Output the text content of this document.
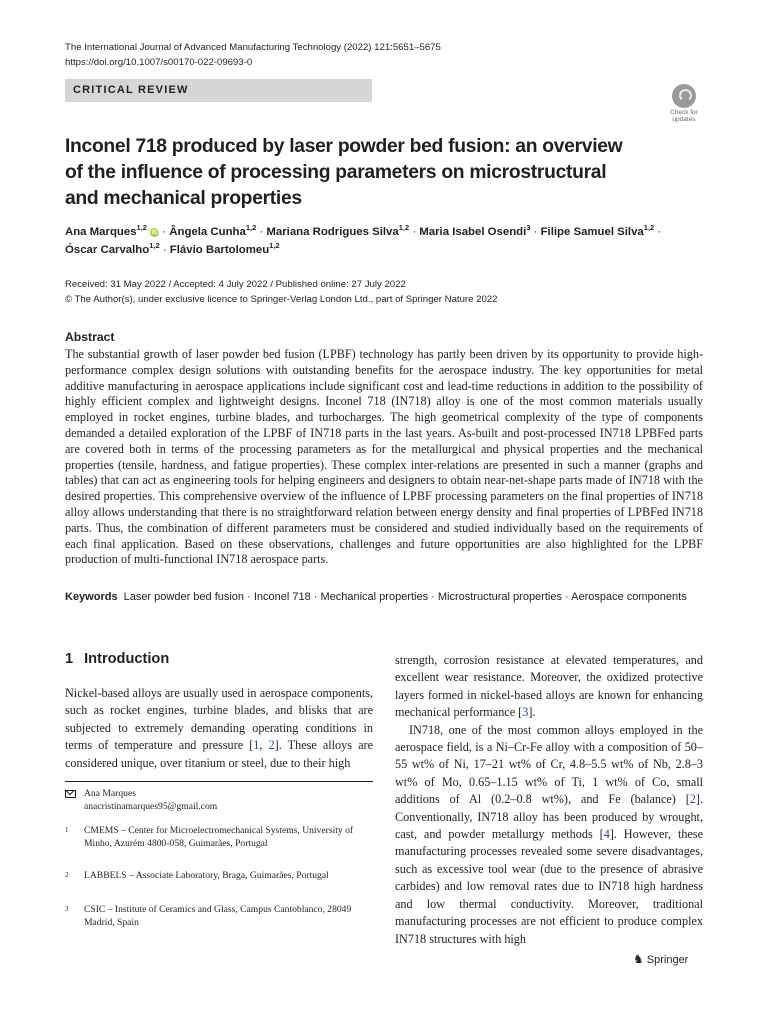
The International Journal of Advanced Manufacturing Technology (2022) 121:5651–5675
https://doi.org/10.1007/s00170-022-09693-0
CRITICAL REVIEW
Check for
updates
Inconel 718 produced by laser powder bed fusion: an overview of the influence of processing parameters on microstructural and mechanical properties
Ana Marques$^{1,2}$ iD · Ângela Cunha$^{1,2}$ · Mariana Rodrigues Silva$^{1,2}$ · Maria Isabel Osendi$^3$ · Filipe Samuel Silva$^{1,2}$ ·
Óscar Carvalho$^{1,2}$ · Flávio Bartolomeu$^{1,2}$
Received: 31 May 2022 / Accepted: 4 July 2022 / Published online: 27 July 2022
© The Author(s), under exclusive licence to Springer-Verlag London Ltd., part of Springer Nature 2022
Abstract
The substantial growth of laser powder bed fusion (LPBF) technology has partly been driven by its opportunity to provide high-performance complex design solutions with outstanding benefits for the aerospace industry. The key opportunities for metal additive manufacturing in aerospace applications include significant cost and lead-time reductions in addition to the possibility of highly efficient complex and lightweight designs. Inconel 718 (IN718) alloy is one of the most common materials usually employed in rocket engines, turbine blades, and turbocharges. The high geometrical complexity of the type of components demanded a detailed exploration of the LPBF of IN718 parts in the last years. As-built and post-processed IN718 LPBFed parts are covered both in terms of the processing parameters as for the metallurgical and physical properties and the mechanical properties (tensile, hardness, and fatigue properties). These complex inter-relations are presented in such a manner (graphs and tables) that can act as engineering tools for helping engineers and designers to obtain near-net-shape parts made of IN718 with the desired properties. This comprehensive overview of the influence of LPBF processing parameters on the final properties of IN718 alloy allows understanding that there is no straightforward relation between energy density and final properties of LPBFed IN718 parts. Thus, the combination of different parameters must be considered and studied individually based on the requirements of each final application. Based on these observations, challenges and future opportunities are also highlighted for the LPBF production of multi-functional IN718 aerospace parts.
Keywords Laser powder bed fusion · Inconel 718 · Mechanical properties · Microstructural properties · Aerospace components
1 Introduction

Nickel-based alloys are usually used in aerospace components, such as rocket engines, turbine blades, and blisks that are subjected to extremely demanding operating conditions in terms of temperature and pressure [1, 2]. These alloys are considered unique, over titanium or steel, due to their high

strength, corrosion resistance at elevated temperatures, and excellent wear resistance. Moreover, the oxidized protective layers formed in nickel-based alloys are known for enhancing mechanical performance [3].

IN718, one of the most common alloys employed in the aerospace field, is a Ni–Cr-Fe alloy with a composition of 50–55 wt% of Ni, 17–21 wt% of Cr, 4.8–5.5 wt% of Nb, 2.8–3 wt% of Mo, 0.65–1.15 wt% of Ti, 1 wt% of Co, small additions of Al (0.2–0.8 wt%), and Fe (balance) [2]. Conventionally, IN718 alloy has been produced by wrought, cast, and powder metallurgy methods [4]. However, these manufacturing processes revealed some severe disadvantages, such as excessive tool wear (due to the presence of abrasive carbides) and low removal rates due to IN718 high hardness and low thermal conductivity. Moreover, traditional manufacturing processes are not efficient to produce complex IN718 structures with high

Ana Marques
anacristinamarques95@gmail.com
1 CMEMS – Center for Microelectromechanical Systems, University of Minho, Azurém 4800-058, Guimarães, Portugal
2 LABBELS – Associate Laboratory, Braga, Guimarães, Portugal
3 CSIC – Institute of Ceramics and Glass, Campus Cantoblanco, 28049 Madrid, Spain
♞ Springer
